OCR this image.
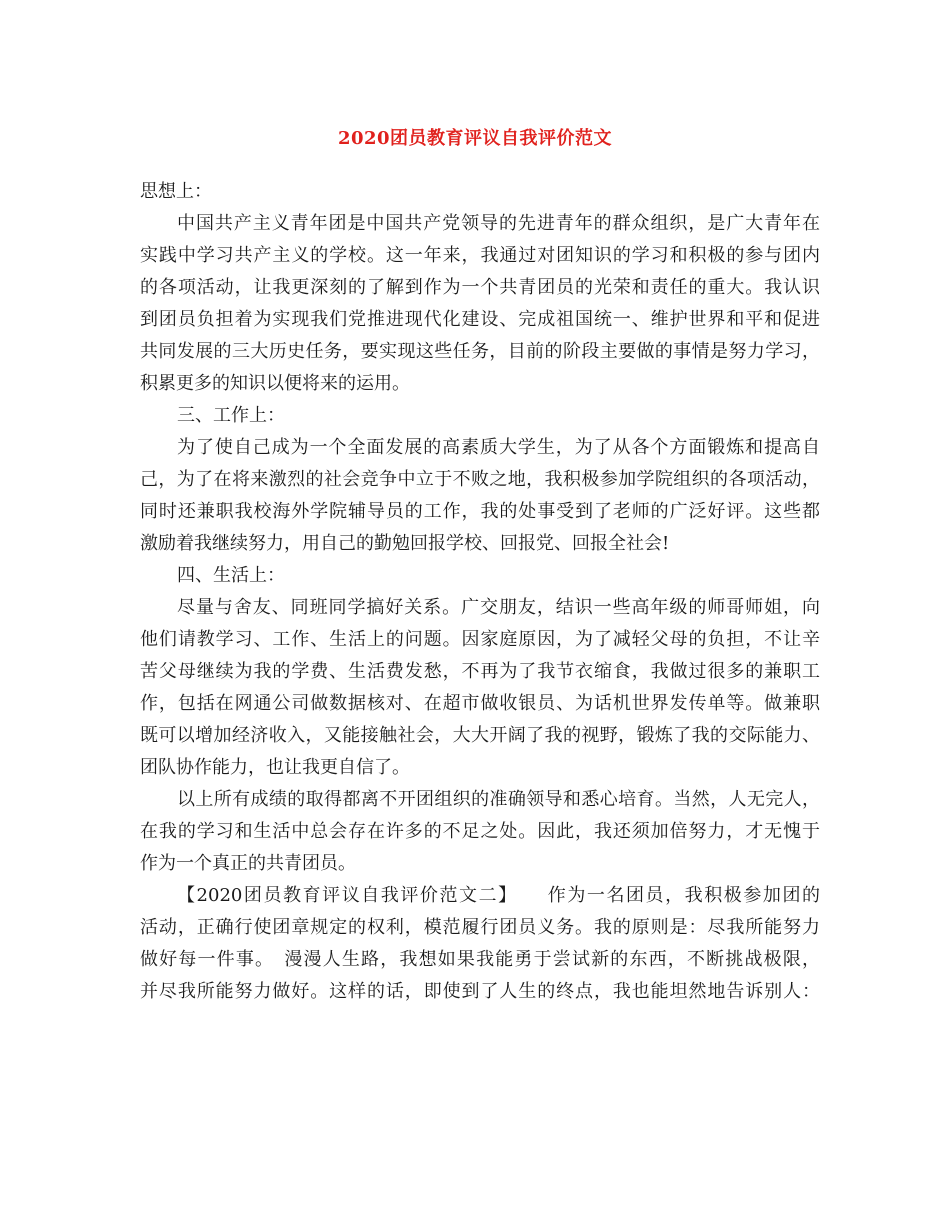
2020团员教育评议自我评价范文
思想上：
中国共产主义青年团是中国共产党领导的先进青年的群众组织，是广大青年在
实践中学习共产主义的学校。这一年来，我通过对团知识的学习和积极的参与团内
的各项活动，让我更深刻的了解到作为一个共青团员的光荣和责任的重大。我认识
到团员负担着为实现我们党推进现代化建设、完成祖国统一、维护世界和平和促进
共同发展的三大历史任务，要实现这些任务，目前的阶段主要做的事情是努力学习，
积累更多的知识以便将来的运用。
三、工作上：
为了使自己成为一个全面发展的高素质大学生，为了从各个方面锻炼和提高自
己，为了在将来激烈的社会竞争中立于不败之地，我积极参加学院组织的各项活动，
同时还兼职我校海外学院辅导员的工作，我的处事受到了老师的广泛好评。这些都
激励着我继续努力，用自己的勤勉回报学校、回报党、回报全社会!
四、生活上：
尽量与舍友、同班同学搞好关系。广交朋友，结识一些高年级的师哥师姐，向
他们请教学习、工作、生活上的问题。因家庭原因，为了减轻父母的负担，不让辛
苦父母继续为我的学费、生活费发愁，不再为了我节衣缩食，我做过很多的兼职工
作，包括在网通公司做数据核对、在超市做收银员、为话机世界发传单等。做兼职
既可以增加经济收入，又能接触社会，大大开阔了我的视野，锻炼了我的交际能力、
团队协作能力，也让我更自信了。
以上所有成绩的取得都离不开团组织的准确领导和悉心培育。当然，人无完人，
在我的学习和生活中总会存在许多的不足之处。因此，我还须加倍努力，才无愧于
作为一个真正的共青团员。
【2020团员教育评议自我评价范文二】　　作为一名团员，我积极参加团的
活动，正确行使团章规定的权利，模范履行团员义务。我的原则是：尽我所能努力
做好每一件事。　漫漫人生路，我想如果我能勇于尝试新的东西，不断挑战极限，
并尽我所能努力做好。这样的话，即使到了人生的终点，我也能坦然地告诉别人：
